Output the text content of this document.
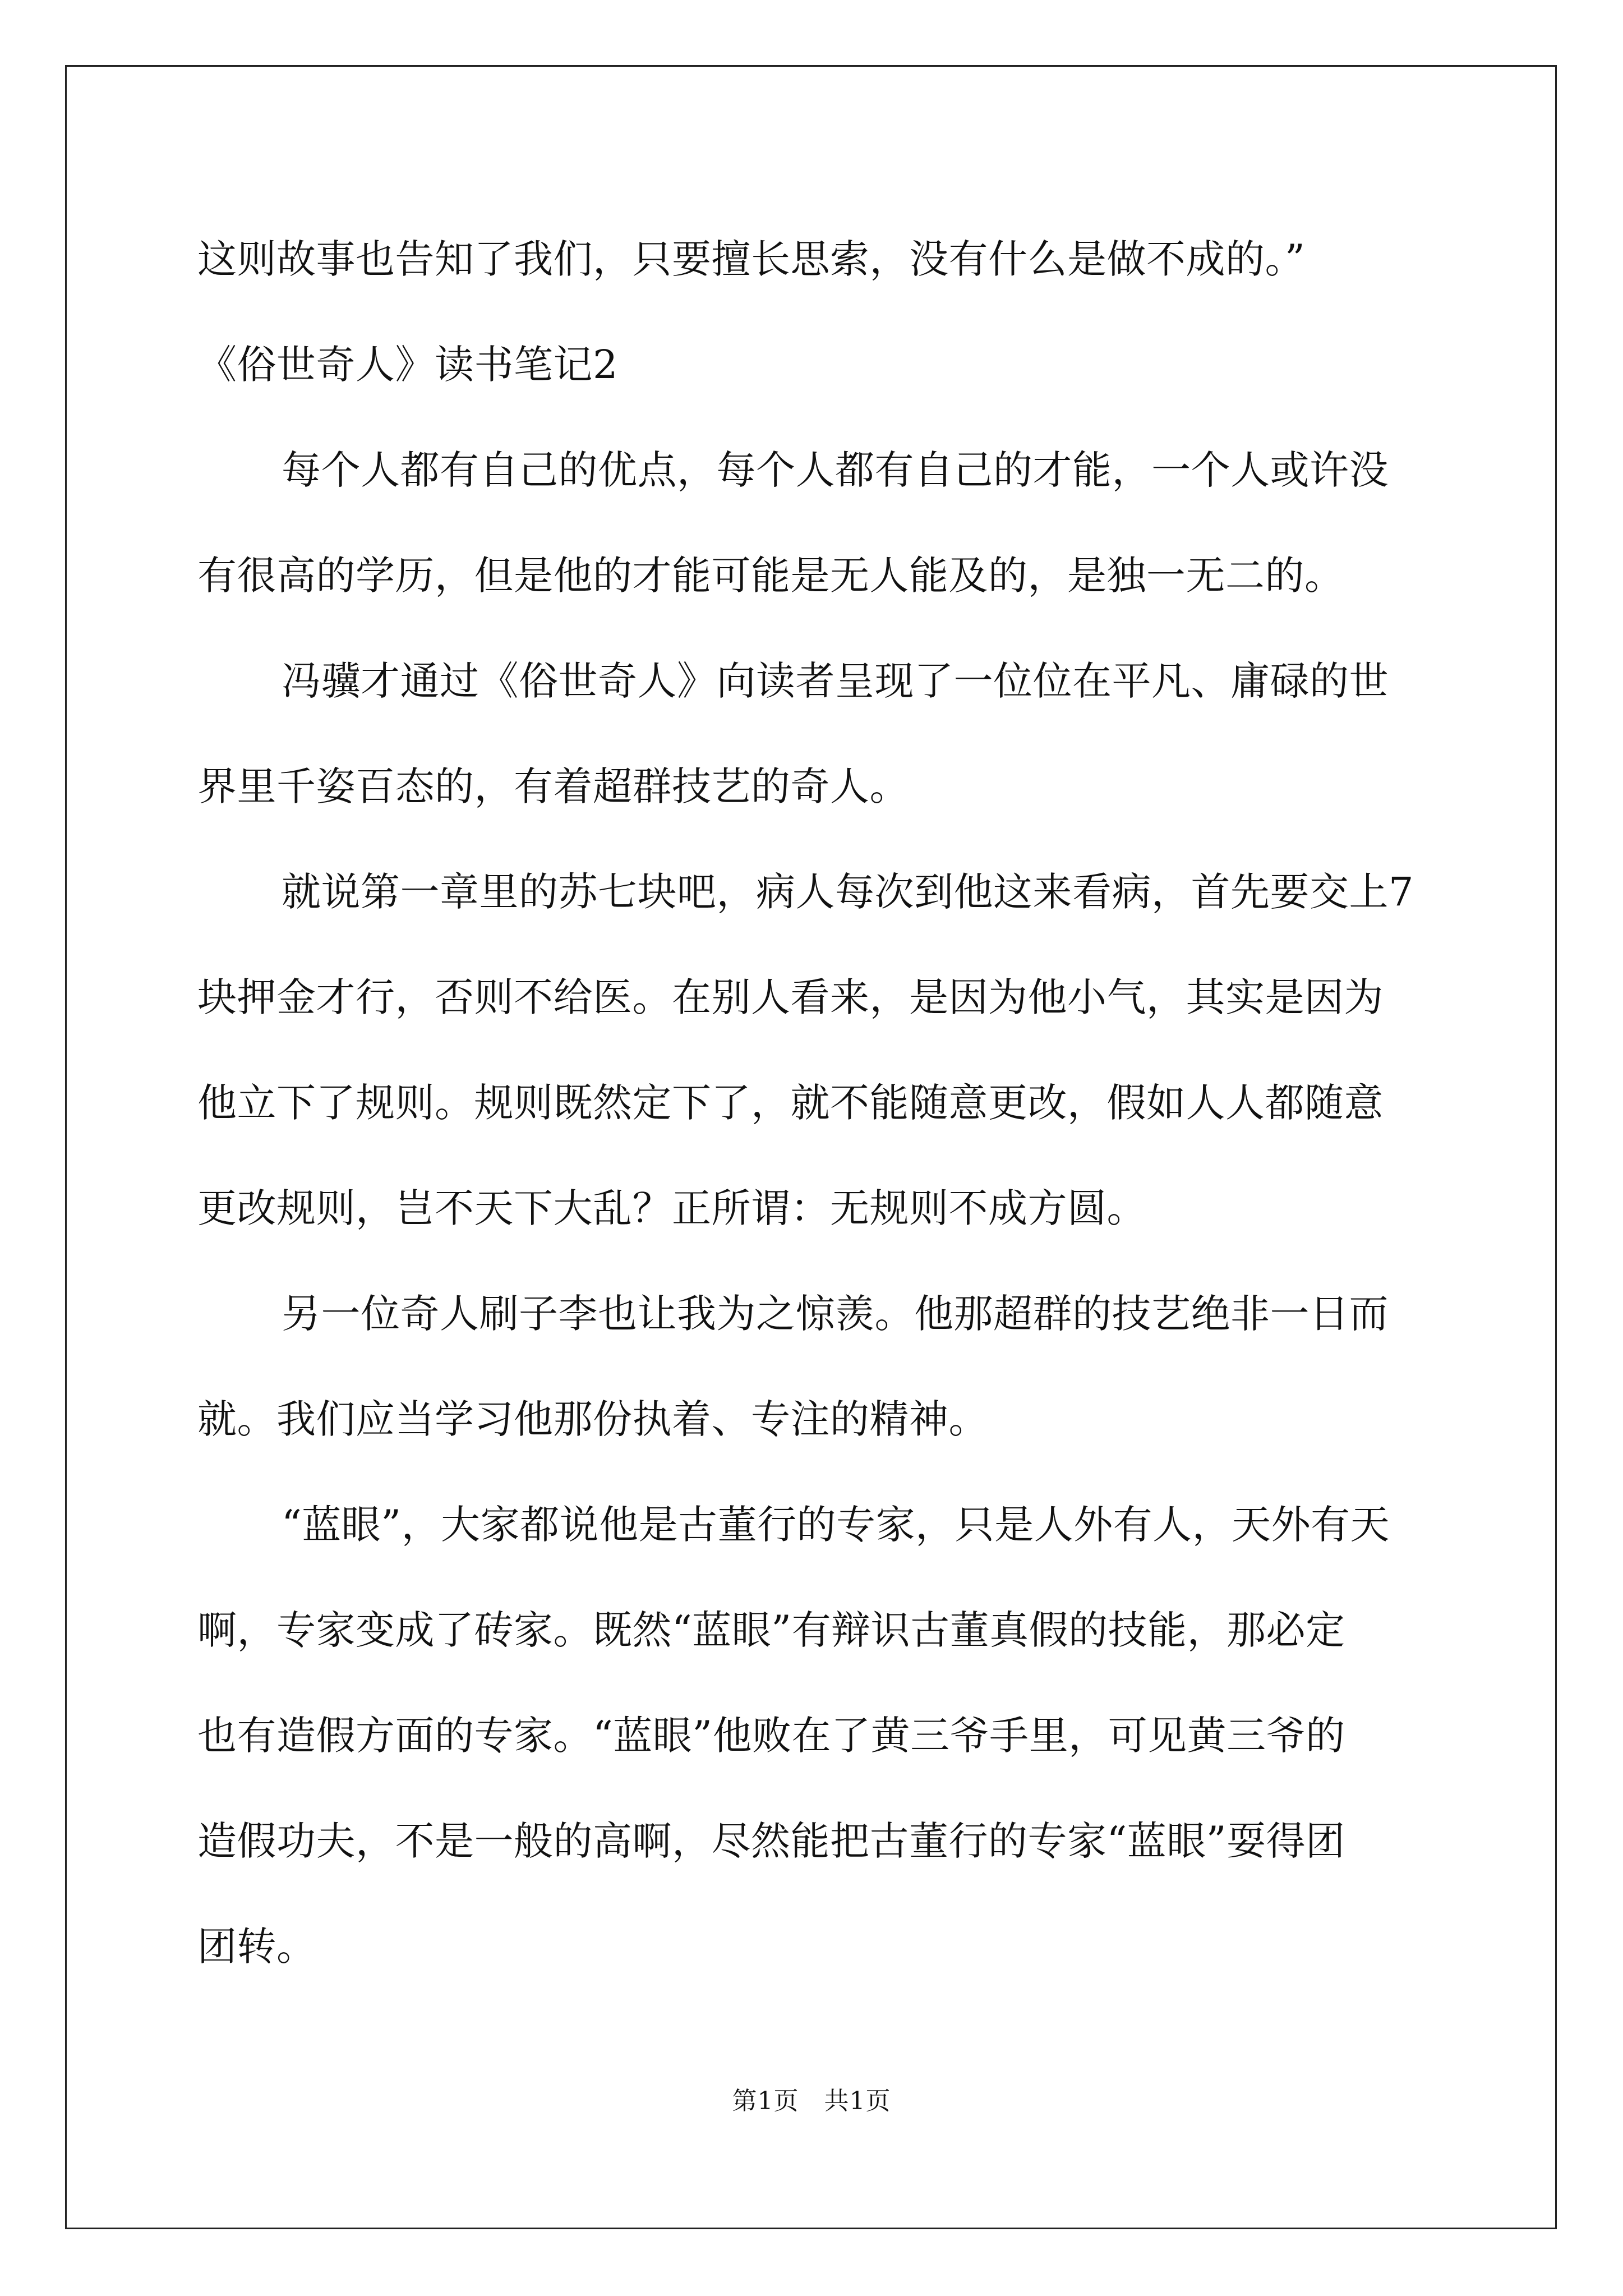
这则故事也告知了我们，只要擅长思索，没有什么是做不成的。”
《俗世奇人》读书笔记2
每个人都有自己的优点，每个人都有自己的才能，一个人或许没
有很高的学历，但是他的才能可能是无人能及的，是独一无二的。
冯骥才通过《俗世奇人》向读者呈现了一位位在平凡、庸碌的世
界里千姿百态的，有着超群技艺的奇人。
就说第一章里的苏七块吧，病人每次到他这来看病，首先要交上7
块押金才行，否则不给医。在别人看来，是因为他小气，其实是因为
他立下了规则。规则既然定下了，就不能随意更改，假如人人都随意
更改规则，岂不天下大乱？正所谓：无规则不成方圆。
另一位奇人刷子李也让我为之惊羡。他那超群的技艺绝非一日而
就。我们应当学习他那份执着、专注的精神。
“蓝眼”，大家都说他是古董行的专家，只是人外有人，天外有天
啊，专家变成了砖家。既然“蓝眼”有辩识古董真假的技能，那必定
也有造假方面的专家。“蓝眼”他败在了黄三爷手里，可见黄三爷的
造假功夫，不是一般的高啊，尽然能把古董行的专家“蓝眼”耍得团
团转。
第1页　共1页
